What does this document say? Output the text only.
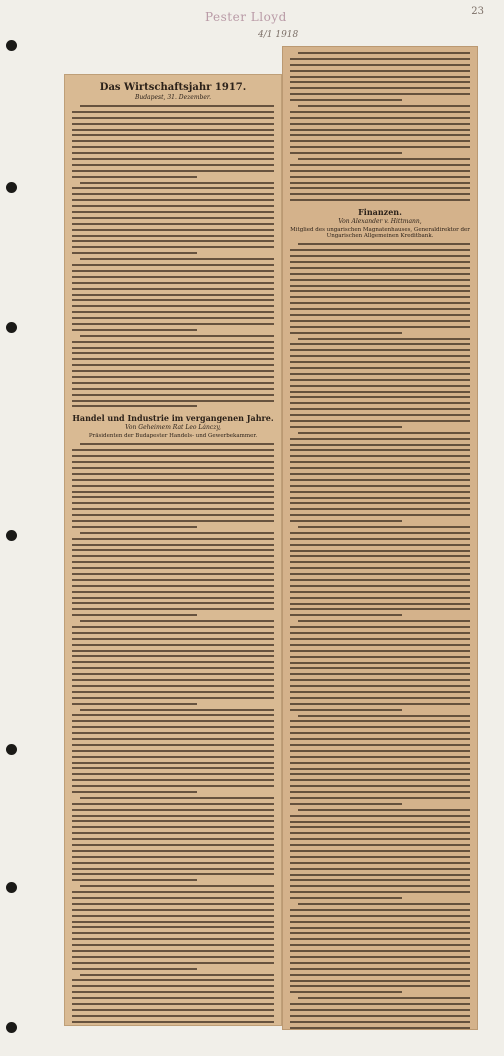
Pester Lloyd
4/1 1918
23
Das Wirtschaftsjahr 1917.
Budapest, 31. Dezember.
Handel und Industrie im vergangenen Jahre.
Von Geheimem Rat Leo Lánczy,
Präsidenten der Budapester Handels- und Gewerbekammer.
Finanzen.
Von Alexander v. Hittmann,
Mitglied des ungarischen Magnatenhauses, Generaldirektor der Ungarischen Allgemeinen Kreditbank.
